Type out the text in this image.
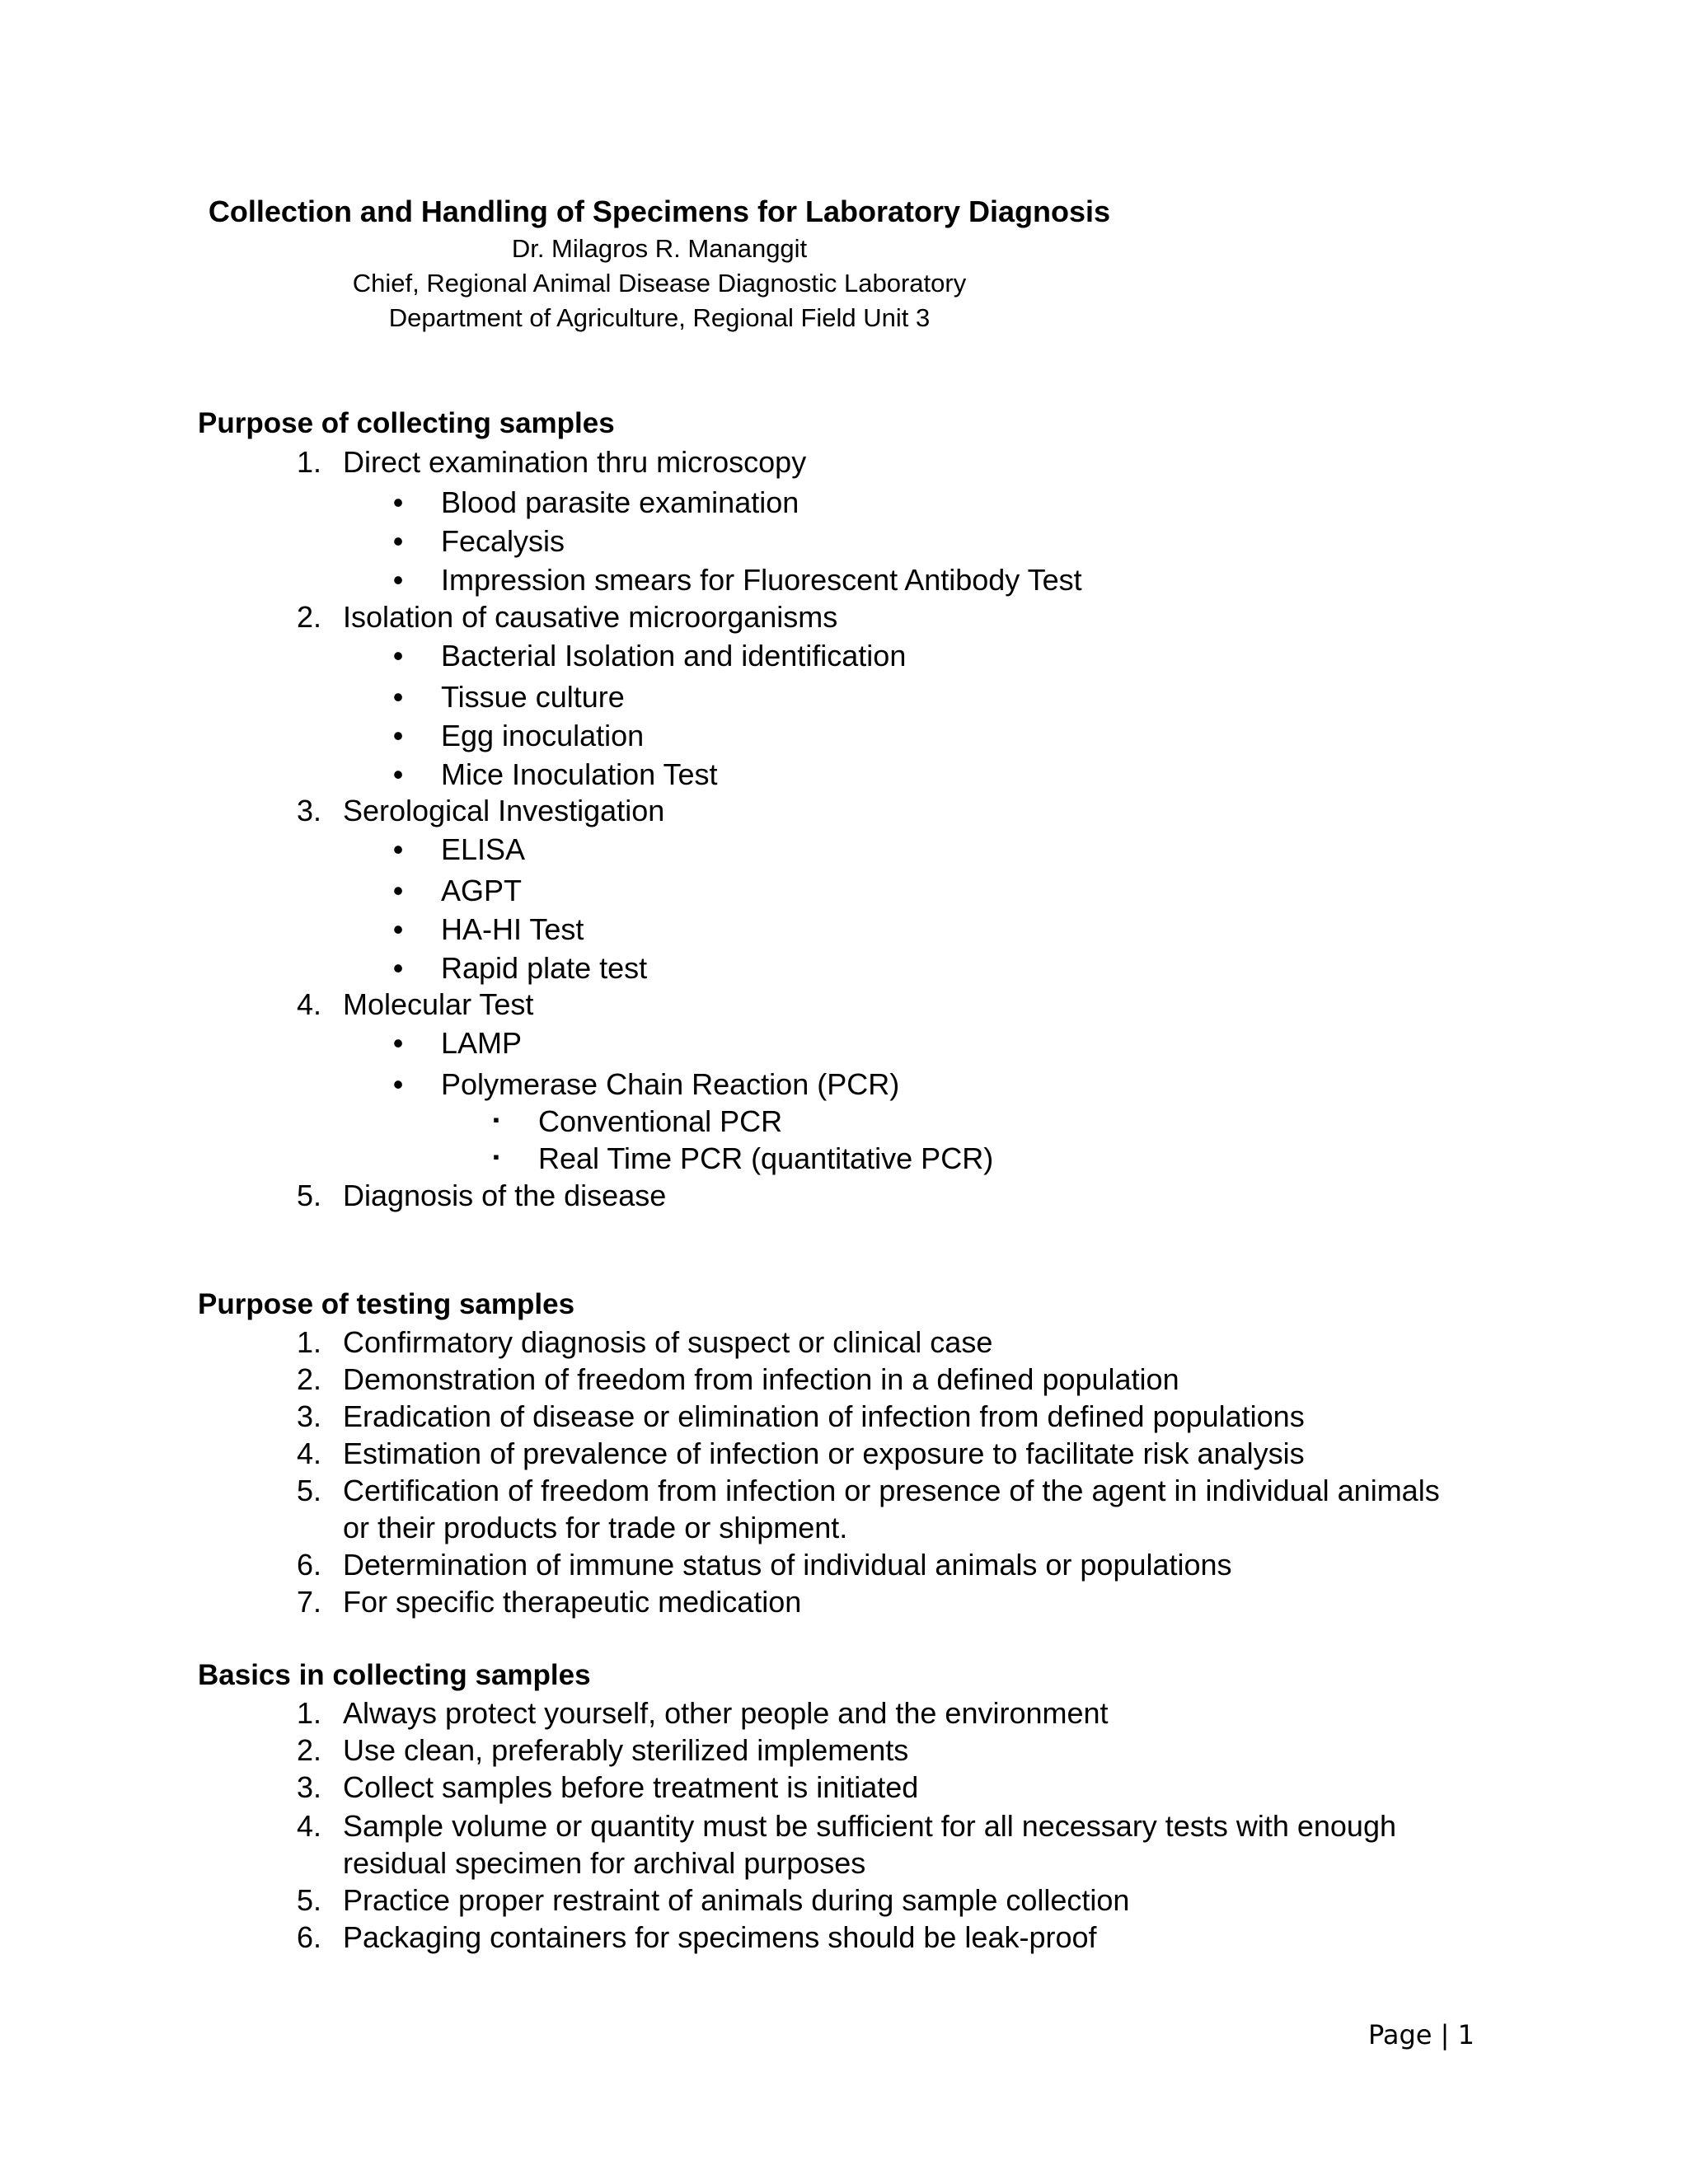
Collection and Handling of Specimens for Laboratory Diagnosis
Dr. Milagros R. Mananggit
Chief, Regional Animal Disease Diagnostic Laboratory
Department of Agriculture, Regional Field Unit 3
Purpose of collecting samples
1. Direct examination thru microscopy
•	Blood parasite examination
•	Fecalysis
•	Impression smears for Fluorescent Antibody Test
2. Isolation of causative microorganisms
•	Bacterial Isolation and identification
•	Tissue culture
•	Egg inoculation
•	Mice Inoculation Test
3. Serological Investigation
•	ELISA
•	AGPT
•	HA-HI Test
•	Rapid plate test
4. Molecular Test
•	LAMP
•	Polymerase Chain Reaction (PCR)
▪	Conventional PCR
▪	Real Time PCR (quantitative PCR)
5. Diagnosis of the disease
Purpose of testing samples
1. Confirmatory diagnosis of suspect or clinical case
2. Demonstration of freedom from infection in a defined population
3. Eradication of disease or elimination of infection from defined populations
4. Estimation of prevalence of infection or exposure to facilitate risk analysis
5. Certification of freedom from infection or presence of the agent in individual animals
or their products for trade or shipment.
6. Determination of immune status of individual animals or populations
7. For specific therapeutic medication
Basics in collecting samples
1. Always protect yourself, other people and the environment
2. Use clean, preferably sterilized implements
3. Collect samples before treatment is initiated
4. Sample volume or quantity must be sufficient for all necessary tests with enough
residual specimen for archival purposes
5. Practice proper restraint of animals during sample collection
6. Packaging containers for specimens should be leak-proof
Page | 1
